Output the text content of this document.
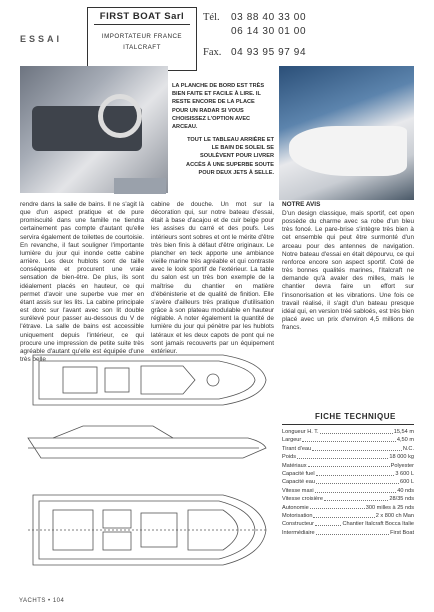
ESSAI
FIRST BOAT Sarl
IMPORTATEUR FRANCE
ITALCRAFT
Tél. 03 88 40 33 00
06 14 30 01 00
Fax. 04 93 95 97 94
LA PLANCHE DE BORD EST TRÈS BIEN FAITE ET FACILE À LIRE. IL RESTE ENCORE DE LA PLACE POUR UN RADAR SI VOUS CHOISISSEZ L'OPTION AVEC ARCEAU.
TOUT LE TABLEAU ARRIÈRE ET LE BAIN DE SOLEIL SE SOULÈVENT POUR LIVRER ACCÈS À UNE SUPERBE SOUTE POUR DEUX JETS À SELLE.
rendre dans la salle de bains. Il ne s'agit là que d'un aspect pratique et de pure promiscuité dans une famille ne tiendra certainement pas compte d'autant qu'elle servira également de toilettes de courtoisie. En revanche, il faut souligner l'importante lumière du jour qui inonde cette cabine arrière. Les deux hublots sont de taille conséquente et procurent une vraie sensation de bien-être. De plus, ils sont idéalement placés en hauteur, ce qui permet d'avoir une superbe vue mer en étant assis sur les lits. La cabine principale est donc sur l'avant avec son lit double surélevé pour passer au-dessous du V de l'étrave. La salle de bains est accessible uniquement depuis l'intérieur, ce qui procure une impression de petite suite très agréable d'autant qu'elle est équipée d'une très belle
cabine de douche. Un mot sur la décoration qui, sur notre bateau d'essai, était à base d'acajou et de cuir beige pour les assises du carré et des poufs. Les intérieurs sont sobres et ont le mérite d'être très bien finis à défaut d'être originaux. Le plancher en teck apporte une ambiance vieille marine très agréable et qui contraste avec le look sportif de l'extérieur. La table du salon est un très bon exemple de la maîtrise du chantier en matière d'ébénisterie et de qualité de finition. Elle s'avère d'ailleurs très pratique d'utilisation grâce à son plateau modulable en hauteur réglable. A noter également la quantité de lumière du jour qui pénètre par les hublots latéraux et les deux capots de pont qui ne sont jamais recouverts par un équipement extérieur.
NOTRE AVIS
D'un design classique, mais sportif, cet open possède du charme avec sa robe d'un bleu très foncé. Le pare-brise s'intègre très bien à cet ensemble qui peut être surmonté d'un arceau pour des antennes de navigation. Notre bateau d'essai en était dépourvu, ce qui renforce encore son aspect sportif. Coté de très bonnes qualités marines, l'Italcraft ne demande qu'à avaler des milles, mais le chantier devra faire un effort sur l'insonorisation et les vibrations. Une fois ce travail réalisé, il s'agit d'un bateau presque idéal qui, en version tréé sabloés, est très bien placé avec un prix d'environ 4,5 millions de francs.
FICHE TECHNIQUE
Longueur H. T.	15,54 m
Largeur	4,50 m
Tirant d'eau	N.C.
Poids	18 000 kg
Matériaux	Polyester
Capacité fuel	3 600 L
Capacité eau	600 L
Vitesse maxi	40 nds
Vitesse croisière	28/35 nds
Autonomie	300 milles à 25 nds
Motorisation	2 x 800 ch Man
Constructeur	Chantier Italcraft Bocca Italie
Intermédiaire	First Boat
YACHTS • 104
